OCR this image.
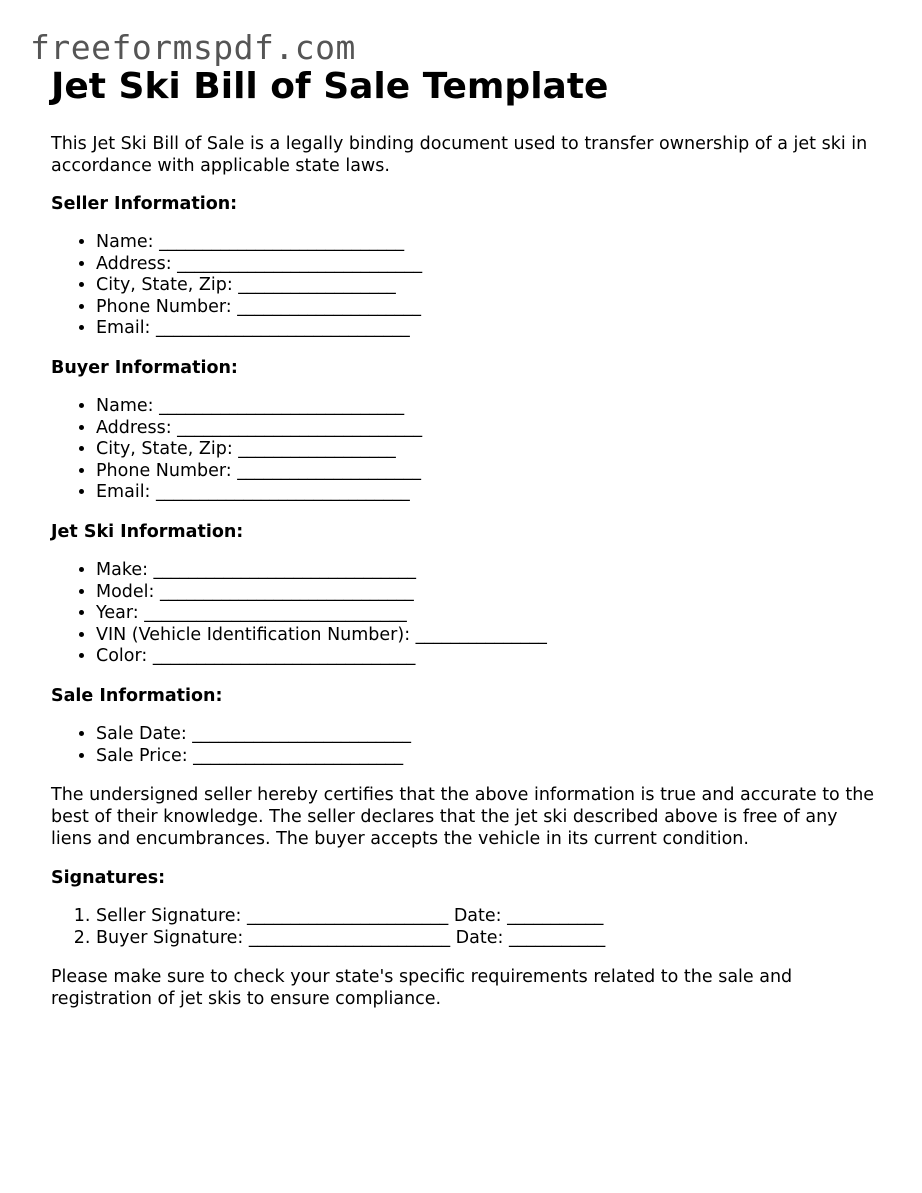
freeformspdf.com
Jet Ski Bill of Sale Template

This Jet Ski Bill of Sale is a legally binding document used to transfer ownership of a jet ski in accordance with applicable state laws.

Seller Information:
• Name: ____________________________
• Address: ____________________________
• City, State, Zip: __________________
• Phone Number: _____________________
• Email: _____________________________
Buyer Information:
• Name: ____________________________
• Address: ____________________________
• City, State, Zip: __________________
• Phone Number: _____________________
• Email: _____________________________
Jet Ski Information:
• Make: ______________________________
• Model: _____________________________
• Year: ______________________________
• VIN (Vehicle Identification Number): _______________
• Color: ______________________________
Sale Information:
• Sale Date: _________________________
• Sale Price: ________________________

The undersigned seller hereby certifies that the above information is true and accurate to the best of their knowledge. The seller declares that the jet ski described above is free of any liens and encumbrances. The buyer accepts the vehicle in its current condition.

Signatures:
1. Seller Signature: _______________________ Date: ___________
2. Buyer Signature: _______________________ Date: ___________

Please make sure to check your state's specific requirements related to the sale and registration of jet skis to ensure compliance.
